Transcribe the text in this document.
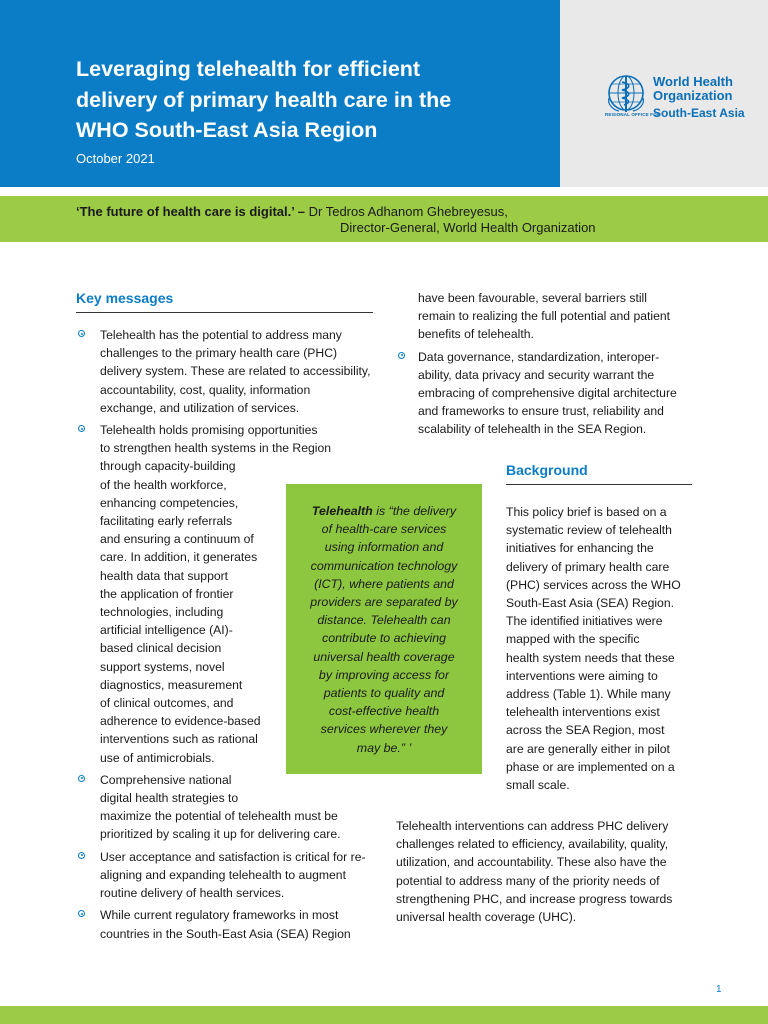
Leveraging telehealth for efficient
delivery of primary health care in the
WHO South-East Asia Region
October 2021
World Health
Organization
REGIONAL OFFICE FOR
South-East Asia
‘The future of health care is digital.’ – Dr Tedros Adhanom Ghebreyesus,
Director-General, World Health Organization
Key messages
Telehealth has the potential to address many
challenges to the primary health care (PHC)
delivery system. These are related to accessibility,
accountability, cost, quality, information
exchange, and utilization of services.
Telehealth holds promising opportunities
to strengthen health systems in the Region
through capacity-building
of the health workforce,
enhancing competencies,
facilitating early referrals
and ensuring a continuum of
care. In addition, it generates
health data that support
the application of frontier
technologies, including
artificial intelligence (AI)-
based clinical decision
support systems, novel
diagnostics, measurement
of clinical outcomes, and
adherence to evidence-based
interventions such as rational
use of antimicrobials.
Comprehensive national
digital health strategies to
maximize the potential of telehealth must be
prioritized by scaling it up for delivering care.
User acceptance and satisfaction is critical for re-
aligning and expanding telehealth to augment
routine delivery of health services.
While current regulatory frameworks in most
countries in the South-East Asia (SEA) Region
Telehealth is “the delivery
of health-care services
using information and
communication technology
(ICT), where patients and
providers are separated by
distance. Telehealth can
contribute to achieving
universal health coverage
by improving access for
patients to quality and
cost-effective health
services wherever they
may be.” ’
have been favourable, several barriers still
remain to realizing the full potential and patient
benefits of telehealth.
Data governance, standardization, interoper-
ability, data privacy and security warrant the
embracing of comprehensive digital architecture
and frameworks to ensure trust, reliability and
scalability of telehealth in the SEA Region.
Background
This policy brief is based on a
systematic review of telehealth
initiatives for enhancing the
delivery of primary health care
(PHC) services across the WHO
South-East Asia (SEA) Region.
The identified initiatives were
mapped with the specific
health system needs that these
interventions were aiming to
address (Table 1). While many
telehealth interventions exist
across the SEA Region, most
are are generally either in pilot
phase or are implemented on a
small scale.
Telehealth interventions can address PHC delivery
challenges related to efficiency, availability, quality,
utilization, and accountability. These also have the
potential to address many of the priority needs of
strengthening PHC, and increase progress towards
universal health coverage (UHC).
1
